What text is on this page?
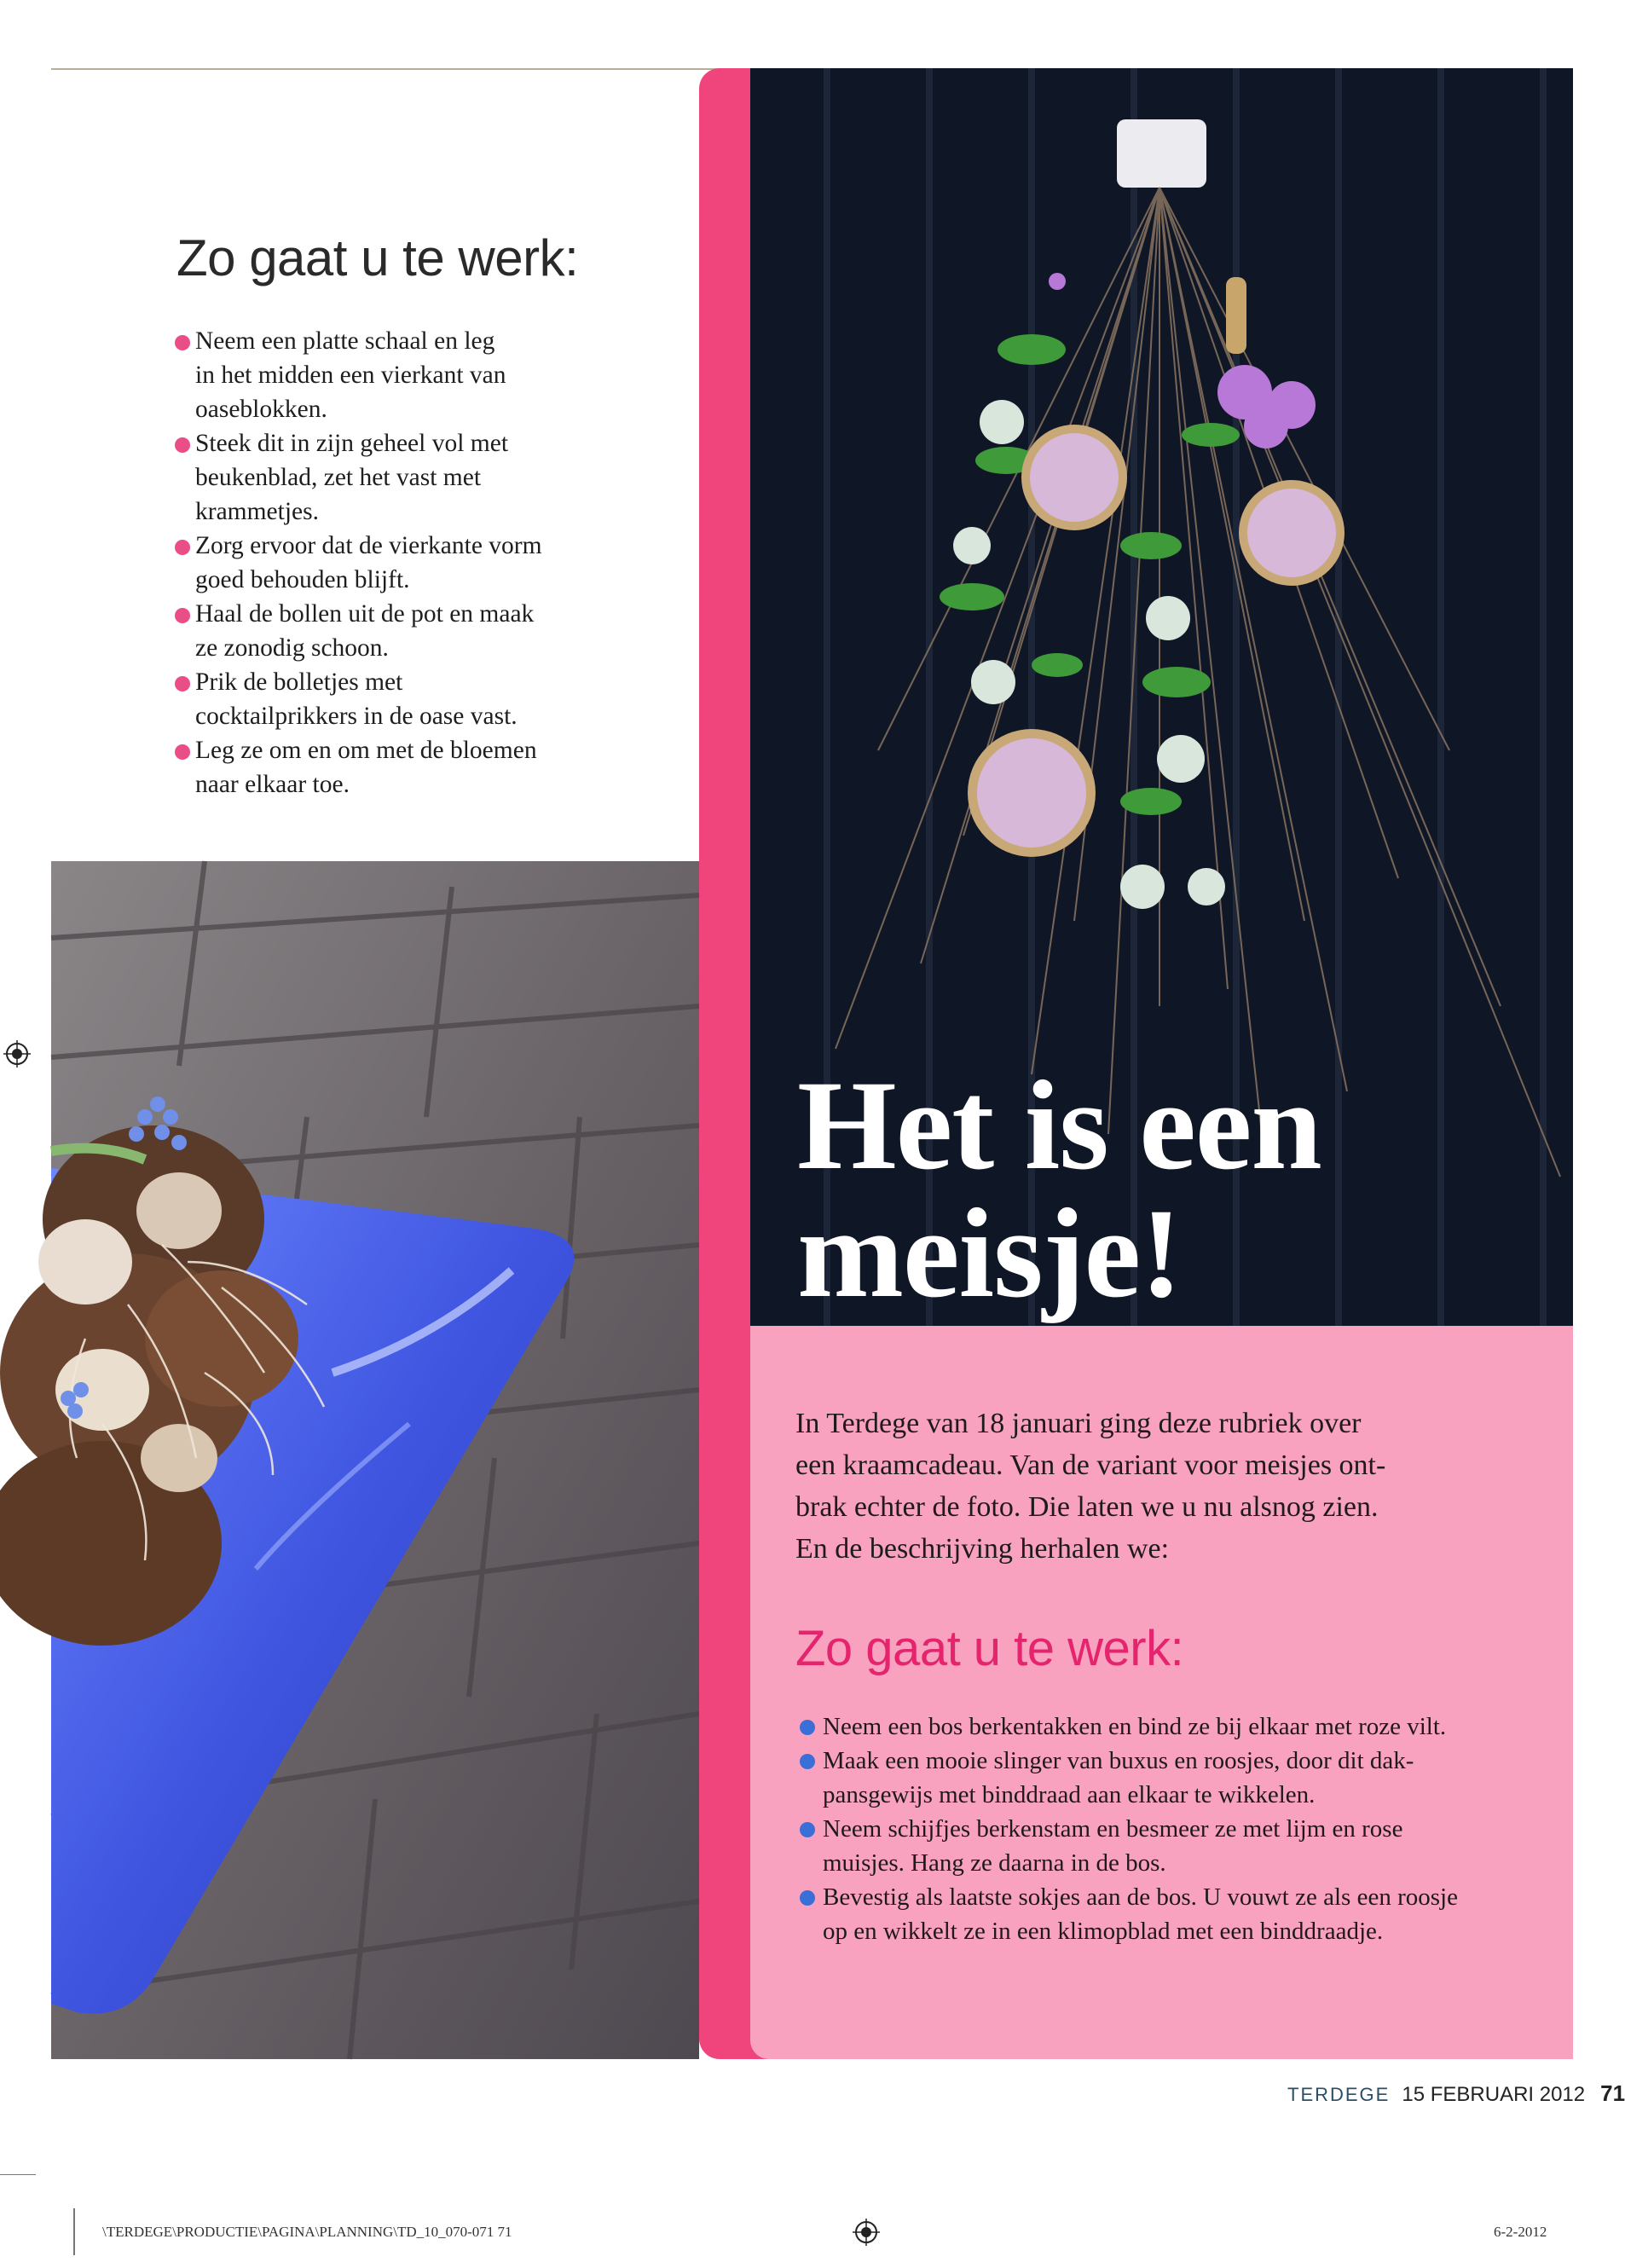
Zo gaat u te werk:
Neem een platte schaal en leg
in het midden een vierkant van
oaseblokken.
Steek dit in zijn geheel vol met
beukenblad, zet het vast met
krammetjes.
Zorg ervoor dat de vierkante vorm
goed behouden blijft.
Haal de bollen uit de pot en maak
ze zonodig schoon.
Prik de bolletjes met
cocktailprikkers in de oase vast.
Leg ze om en om met de bloemen
naar elkaar toe.
Het is een
meisje!

In Terdege van 18 januari ging deze rubriek over
een kraamcadeau. Van de variant voor meisjes ont-
brak echter de foto. Die laten we u nu alsnog zien.
En de beschrijving herhalen we:

Zo gaat u te werk:
Neem een bos berkentakken en bind ze bij elkaar met roze vilt.
Maak een mooie slinger van buxus en roosjes, door dit dak-
pansgewijs met binddraad aan elkaar te wikkelen.
Neem schijfjes berkenstam en besmeer ze met lijm en rose
muisjes. Hang ze daarna in de bos.
Bevestig als laatste sokjes aan de bos. U vouwt ze als een roosje
op en wikkelt ze in een klimopblad met een binddraadje.
TERDEGE 15 FEBRUARI 2012 71
\TERDEGE\PRODUCTIE\PAGINA\PLANNING\TD_10_070-071 71	6-2-2012
